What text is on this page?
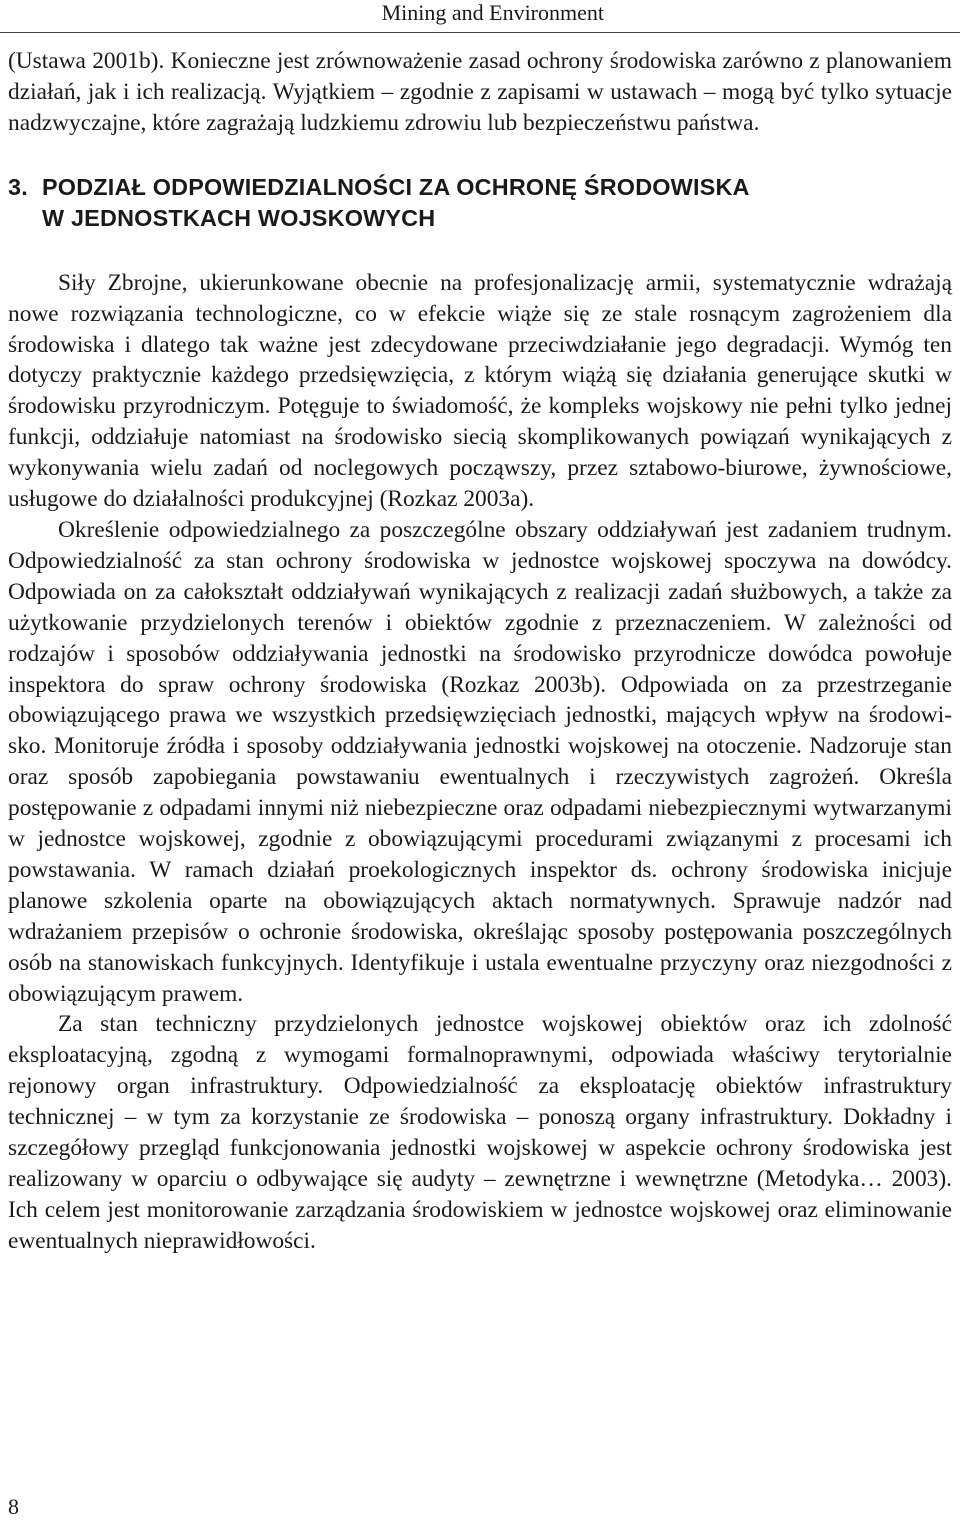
Mining and Environment

(Ustawa 2001b). Konieczne jest zrównoważenie zasad ochrony środowiska zarówno z planowaniem działań, jak i ich realizacją. Wyjątkiem – zgodnie z zapisami w ustawach – mogą być tylko sytuacje nadzwyczajne, które zagrażają ludzkiemu zdrowiu lub bezpieczeństwu państwa.

3. PODZIAŁ ODPOWIEDZIALNOŚCI ZA OCHRONĘ ŚRODOWISKA
W JEDNOSTKACH WOJSKOWYCH

Siły Zbrojne, ukierunkowane obecnie na profesjonalizację armii, systematycznie wdrażają nowe rozwiązania technologiczne, co w efekcie wiąże się ze stale rosnącym zagrożeniem dla środowiska i dlatego tak ważne jest zdecydowane przeciwdziałanie jego degradacji. Wymóg ten dotyczy praktycznie każdego przedsięwzięcia, z którym wiążą się działania generujące skutki w środowisku przyrodniczym. Potęguje to świadomość, że kompleks wojskowy nie pełni tylko jednej funkcji, oddziałuje natomiast na środowisko siecią skomplikowanych powiązań wynikających z wykonywania wielu zadań od noclegowych począwszy, przez sztabowo-biurowe, żywnościowe, usługowe do działalności produkcyjnej (Rozkaz 2003a).

Określenie odpowiedzialnego za poszczególne obszary oddziaływań jest zadaniem trudnym. Odpowiedzialność za stan ochrony środowiska w jednostce wojskowej spoczywa na dowódcy. Odpowiada on za całokształt oddziaływań wynikających z realizacji zadań służbowych, a także za użytkowanie przydzielonych terenów i obiektów zgodnie z przeznaczeniem. W zależności od rodzajów i sposobów oddziaływania jednostki na środowisko przyrodnicze dowódca powołuje inspektora do spraw ochrony środowiska (Rozkaz 2003b). Odpowiada on za przestrzeganie obowiązującego prawa we wszystkich przedsięwzięciach jednostki, mających wpływ na środowisko. Monitoruje źródła i sposoby oddziaływania jednostki wojskowej na otoczenie. Nadzoruje stan oraz sposób zapobiegania powstawaniu ewentualnych i rzeczywistych zagrożeń. Określa postępowanie z odpadami innymi niż niebezpieczne oraz odpadami niebezpiecznymi wytwarzanymi w jednostce wojskowej, zgodnie z obowiązującymi procedurami związanymi z procesami ich powstawania. W ramach działań proekologicznych inspektor ds. ochrony środowiska inicjuje planowe szkolenia oparte na obowiązujących aktach normatywnych. Sprawuje nadzór nad wdrażaniem przepisów o ochronie środowiska, określając sposoby postępowania poszczególnych osób na stanowiskach funkcyjnych. Identyfikuje i ustala ewentualne przyczyny oraz niezgodności z obowiązującym prawem.

Za stan techniczny przydzielonych jednostce wojskowej obiektów oraz ich zdolność eksploatacyjną, zgodną z wymogami formalnoprawnymi, odpowiada właściwy terytorialnie rejonowy organ infrastruktury. Odpowiedzialność za eksploatację obiektów infrastruktury technicznej – w tym za korzystanie ze środowiska – ponoszą organy infrastruktury. Dokładny i szczegółowy przegląd funkcjonowania jednostki wojskowej w aspekcie ochrony środowiska jest realizowany w oparciu o odbywające się audyty – zewnętrzne i wewnętrzne (Metodyka… 2003). Ich celem jest monitorowanie zarządzania środowiskiem w jednostce wojskowej oraz eliminowanie ewentualnych nieprawidłowości.

8
